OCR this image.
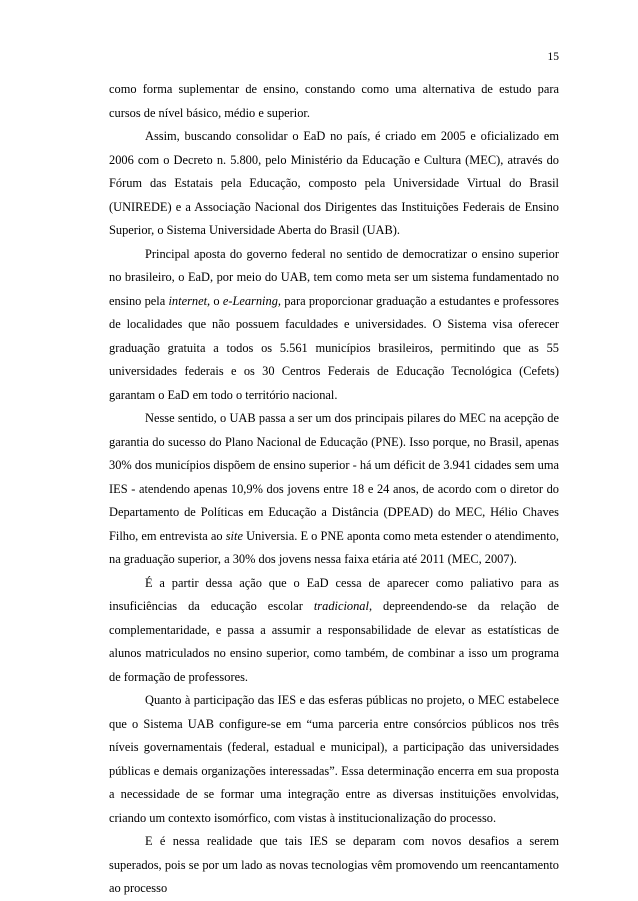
15

como forma suplementar de ensino, constando como uma alternativa de estudo para cursos de nível básico, médio e superior.

Assim, buscando consolidar o EaD no país, é criado em 2005 e oficializado em 2006 com o Decreto n. 5.800, pelo Ministério da Educação e Cultura (MEC), através do Fórum das Estatais pela Educação, composto pela Universidade Virtual do Brasil (UNIREDE) e a Associação Nacional dos Dirigentes das Instituições Federais de Ensino Superior, o Sistema Universidade Aberta do Brasil (UAB).

Principal aposta do governo federal no sentido de democratizar o ensino superior no brasileiro, o EaD, por meio do UAB, tem como meta ser um sistema fundamentado no ensino pela internet, o e-Learning, para proporcionar graduação a estudantes e professores de localidades que não possuem faculdades e universidades. O Sistema visa oferecer graduação gratuita a todos os 5.561 municípios brasileiros, permitindo que as 55 universidades federais e os 30 Centros Federais de Educação Tecnológica (Cefets) garantam o EaD em todo o território nacional.

Nesse sentido, o UAB passa a ser um dos principais pilares do MEC na acepção de garantia do sucesso do Plano Nacional de Educação (PNE). Isso porque, no Brasil, apenas 30% dos municípios dispõem de ensino superior - há um déficit de 3.941 cidades sem uma IES - atendendo apenas 10,9% dos jovens entre 18 e 24 anos, de acordo com o diretor do Departamento de Políticas em Educação a Distância (DPEAD) do MEC, Hélio Chaves Filho, em entrevista ao site Universia. E o PNE aponta como meta estender o atendimento, na graduação superior, a 30% dos jovens nessa faixa etária até 2011 (MEC, 2007).

É a partir dessa ação que o EaD cessa de aparecer como paliativo para as insuficiências da educação escolar tradicional, depreendendo-se da relação de complementaridade, e passa a assumir a responsabilidade de elevar as estatísticas de alunos matriculados no ensino superior, como também, de combinar a isso um programa de formação de professores.

Quanto à participação das IES e das esferas públicas no projeto, o MEC estabelece que o Sistema UAB configure-se em “uma parceria entre consórcios públicos nos três níveis governamentais (federal, estadual e municipal), a participação das universidades públicas e demais organizações interessadas”. Essa determinação encerra em sua proposta a necessidade de se formar uma integração entre as diversas instituições envolvidas, criando um contexto isomórfico, com vistas à institucionalização do processo.

E é nessa realidade que tais IES se deparam com novos desafios a serem superados, pois se por um lado as novas tecnologias vêm promovendo um reencantamento ao processo
